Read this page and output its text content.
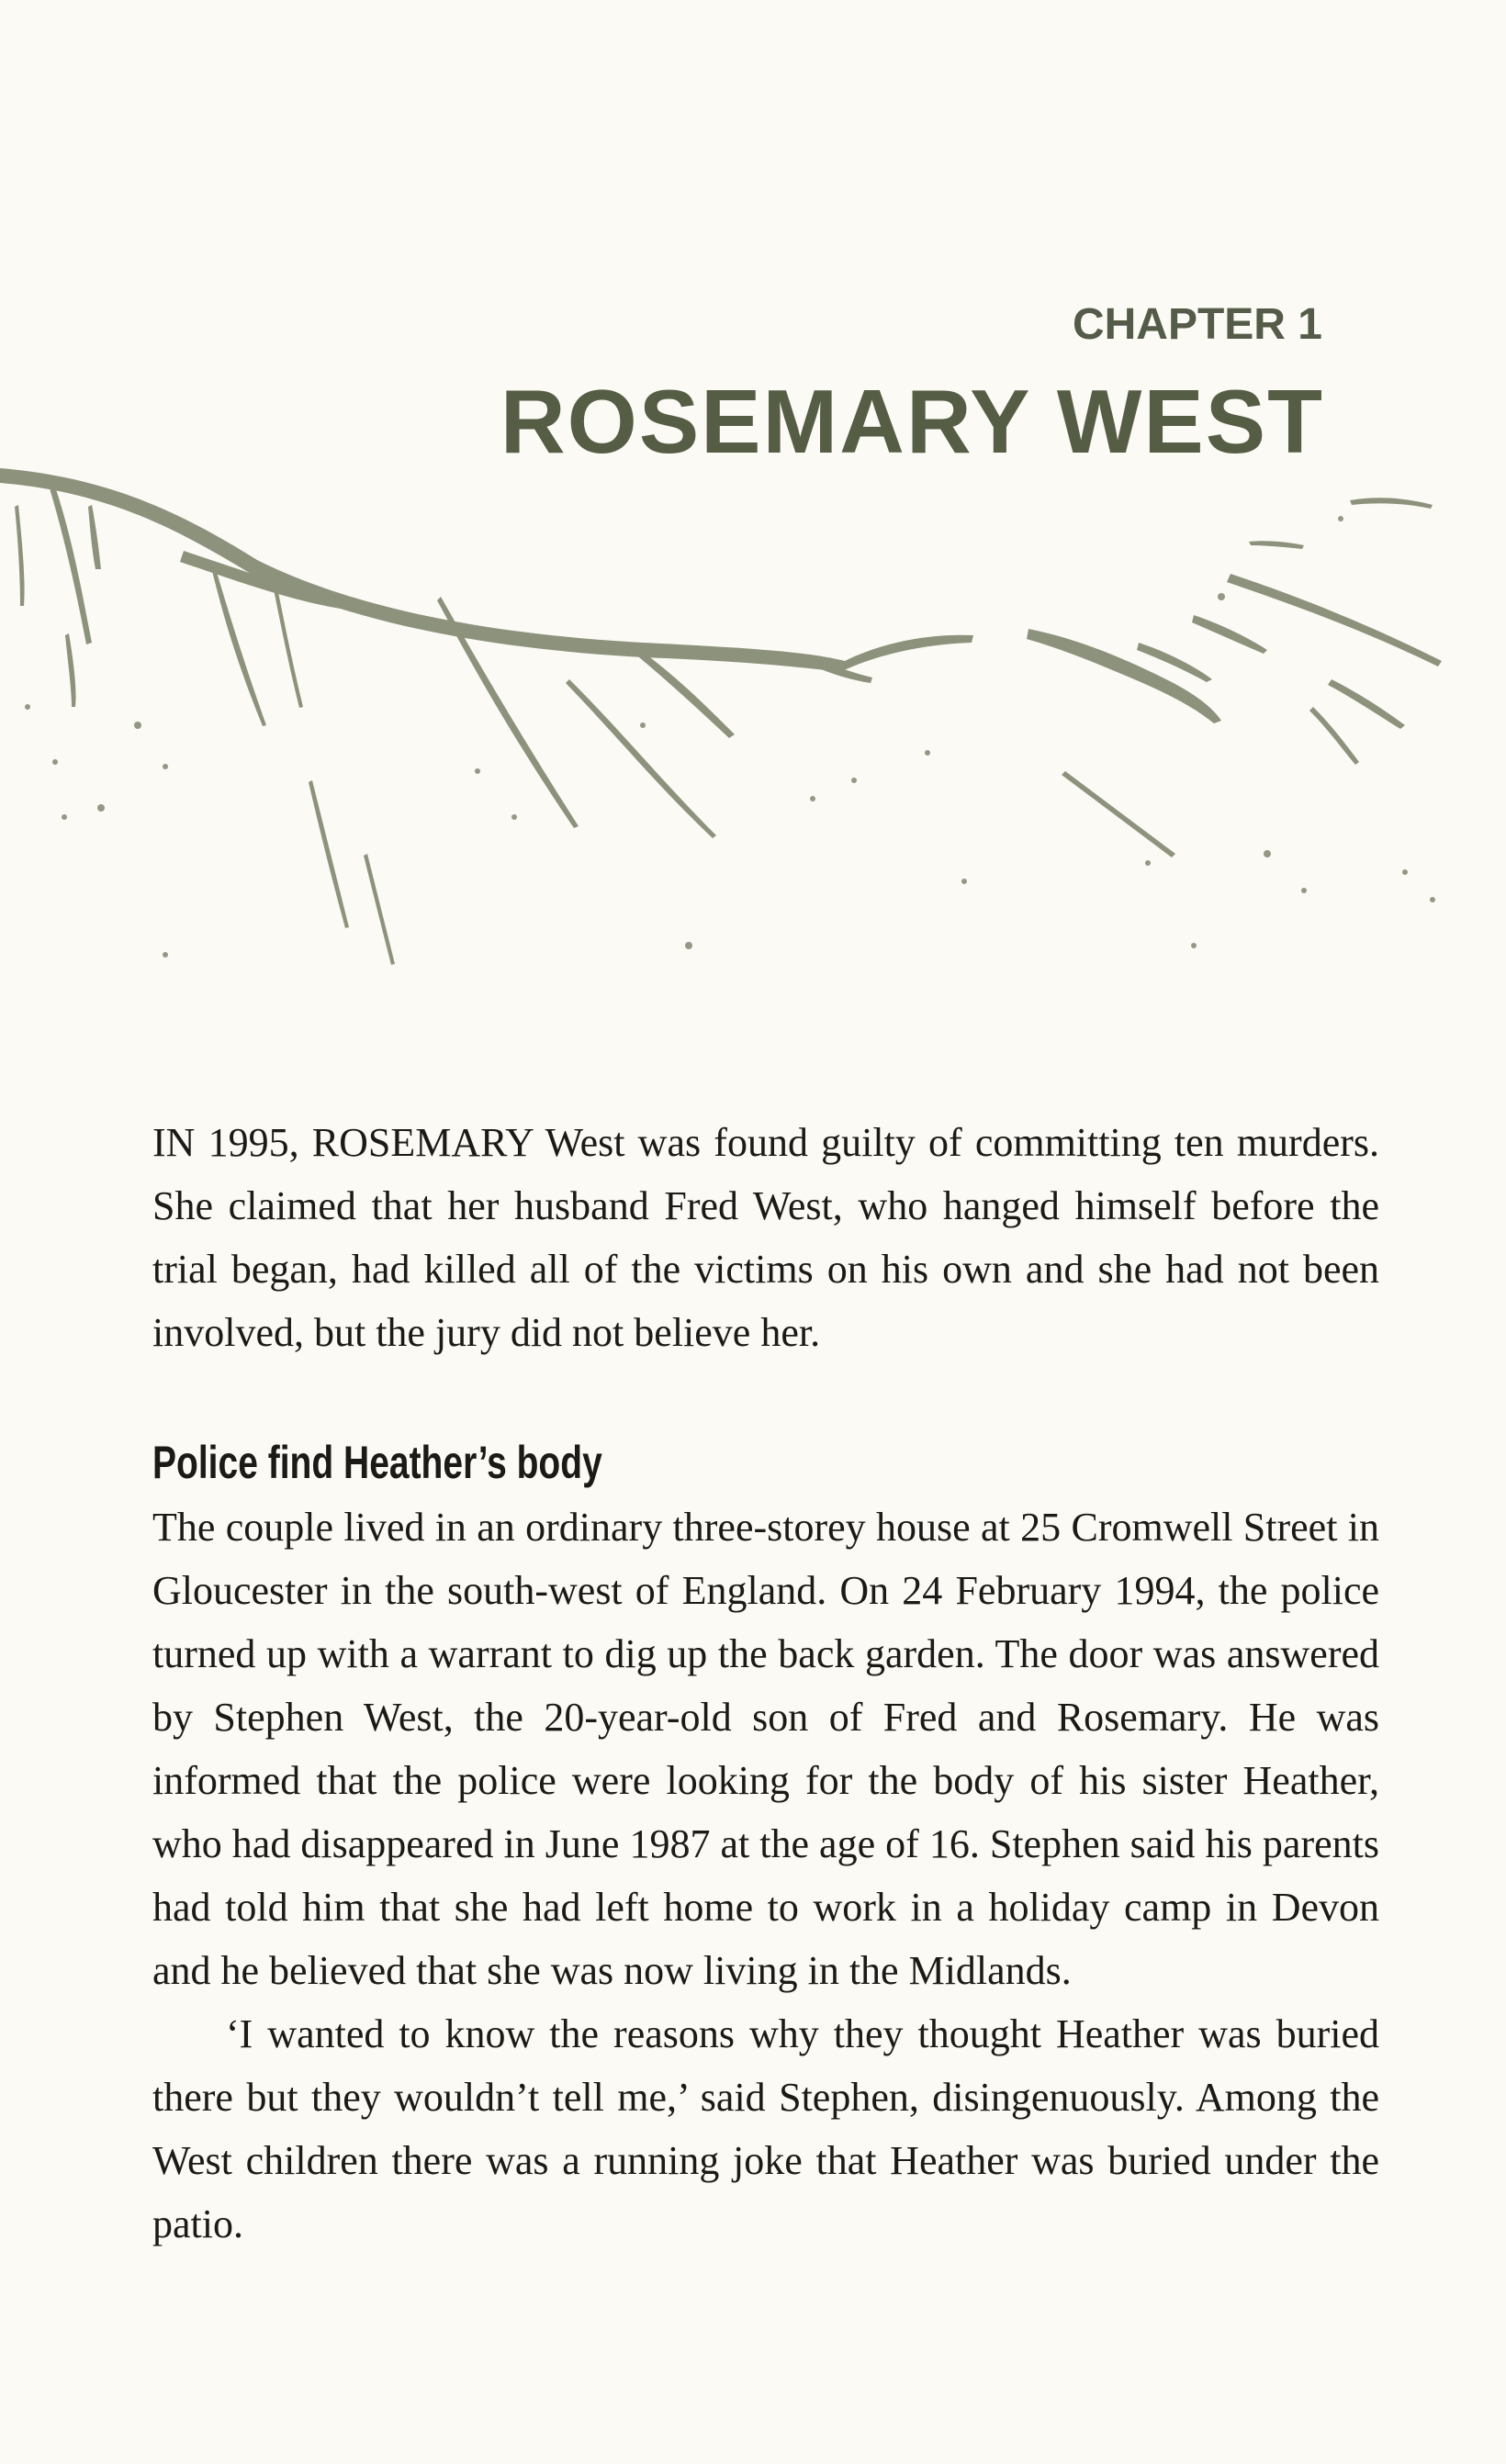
CHAPTER 1
ROSEMARY WEST

IN 1995, ROSEMARY West was found guilty of committing ten murders. She claimed that her husband Fred West, who hanged himself before the trial began, had killed all of the victims on his own and she had not been involved, but the jury did not believe her.

Police find Heather’s body

The couple lived in an ordinary three-storey house at 25 Cromwell Street in Gloucester in the south-west of England. On 24 February 1994, the police turned up with a warrant to dig up the back garden. The door was answered by Stephen West, the 20-year-old son of Fred and Rosemary. He was informed that the police were looking for the body of his sister Heather, who had disappeared in June 1987 at the age of 16. Stephen said his parents had told him that she had left home to work in a holiday camp in Devon and he believed that she was now living in the Midlands.

‘I wanted to know the reasons why they thought Heather was buried there but they wouldn’t tell me,’ said Stephen, disingenuously. Among the West children there was a running joke that Heather was buried under the patio.
